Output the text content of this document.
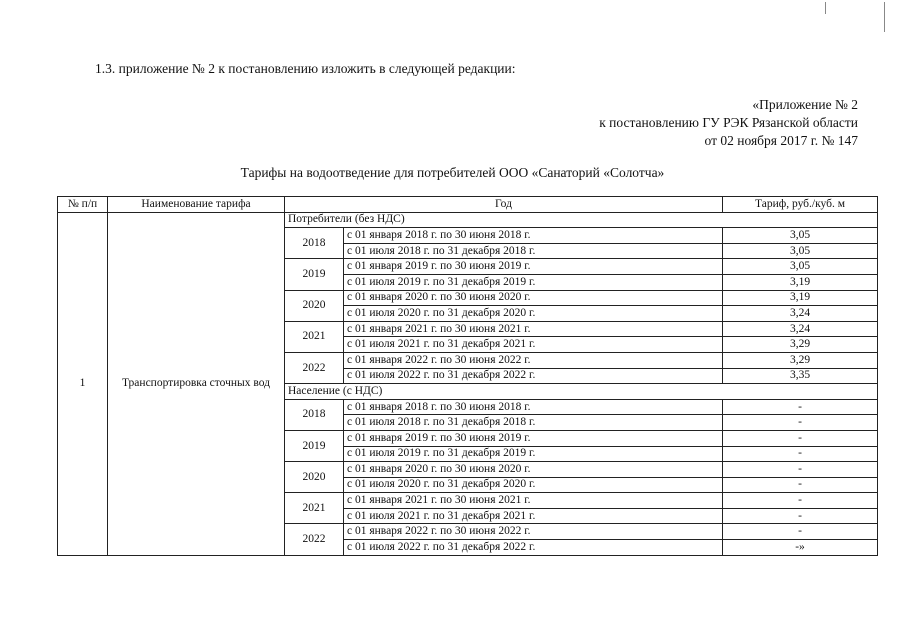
1.3. приложение № 2 к постановлению изложить в следующей редакции:
«Приложение № 2
к постановлению ГУ РЭК Рязанской области
от 02 ноября 2017 г. № 147
Тарифы на водоотведение для потребителей ООО «Санаторий «Солотча»
№ п/п	Наименование тарифа	Год		Тариф, руб./куб. м
1	Транспортировка сточных вод	Потребители (без НДС)		
		2018	с 01 января 2018 г. по 30 июня 2018 г.	3,05
			с 01 июля 2018 г. по 31 декабря 2018 г.	3,05
		2019	с 01 января 2019 г. по 30 июня 2019 г.	3,05
			с 01 июля 2019 г. по 31 декабря 2019 г.	3,19
		2020	с 01 января 2020 г. по 30 июня 2020 г.	3,19
			с 01 июля 2020 г. по 31 декабря 2020 г.	3,24
		2021	с 01 января 2021 г. по 30 июня 2021 г.	3,24
			с 01 июля 2021 г. по 31 декабря 2021 г.	3,29
		2022	с 01 января 2022 г. по 30 июня 2022 г.	3,29
			с 01 июля 2022 г. по 31 декабря 2022 г.	3,35
		Население (с НДС)		
		2018	с 01 января 2018 г. по 30 июня 2018 г.	-
			с 01 июля 2018 г. по 31 декабря 2018 г.	-
		2019	с 01 января 2019 г. по 30 июня 2019 г.	-
			с 01 июля 2019 г. по 31 декабря 2019 г.	-
		2020	с 01 января 2020 г. по 30 июня 2020 г.	-
			с 01 июля 2020 г. по 31 декабря 2020 г.	-
		2021	с 01 января 2021 г. по 30 июня 2021 г.	-
			с 01 июля 2021 г. по 31 декабря 2021 г.	-
		2022	с 01 января 2022 г. по 30 июня 2022 г.	-
			с 01 июля 2022 г. по 31 декабря 2022 г.	-»
